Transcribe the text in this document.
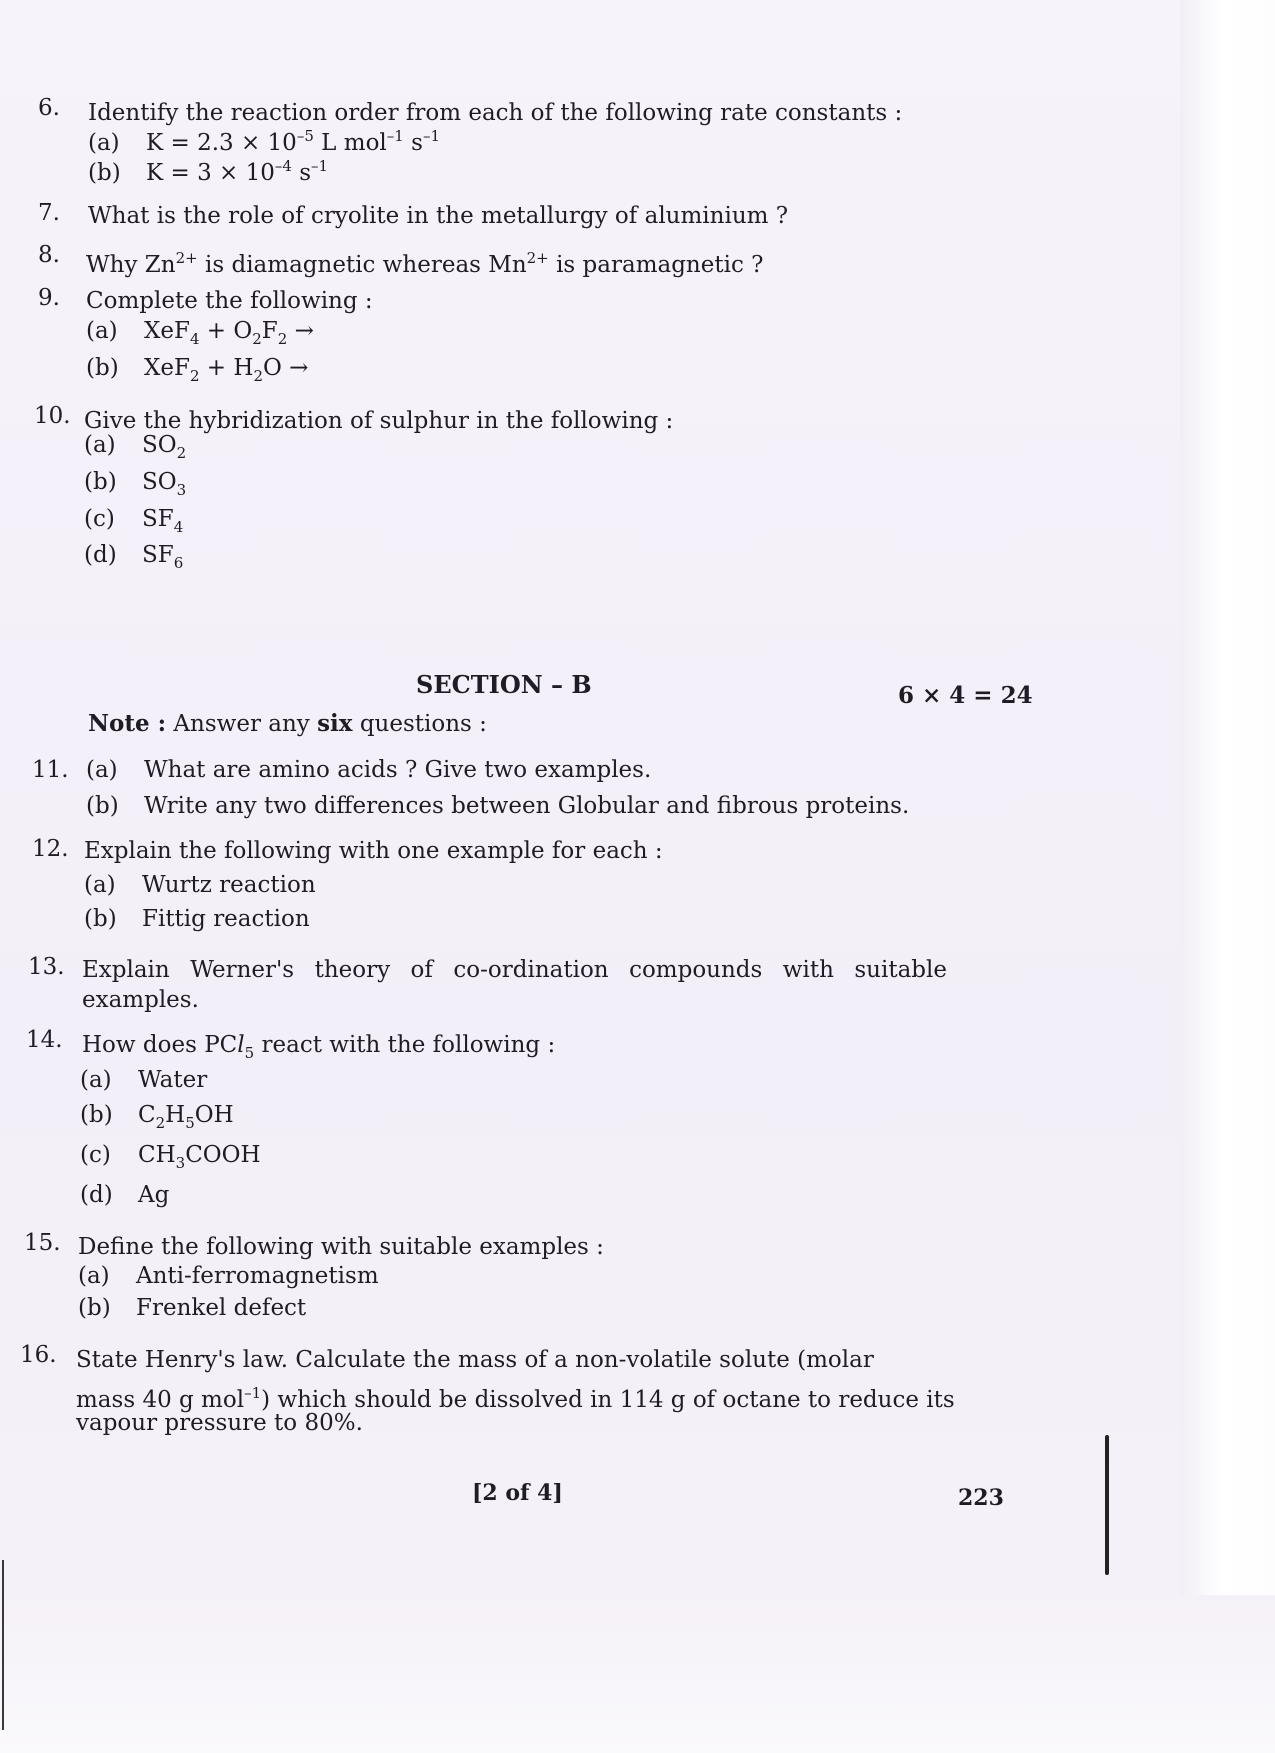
6. Identify the reaction order from each of the following rate constants :
(a) $K = 2.3 \times 10^{-5}$ L mol$^{-1}$ $s^{-1}$
(b) $K = 3 \times 10^{-4}$ $s^{-1}$
7. What is the role of cryolite in the metallurgy of aluminium ?
8. Why $Zn^{2+}$ is diamagnetic whereas $Mn^{2+}$ is paramagnetic ?
9. Complete the following :
(a) $XeF_4 + O_2F_2$ →
(b) $XeF_2 + H_2O$ →
10. Give the hybridization of sulphur in the following :
(a) $SO_2$
(b) $SO_3$
(c) $SF_4$
(d) $SF_6$
SECTION – B	6 × 4 = 24
Note : Answer any six questions :
11. (a) What are amino acids ? Give two examples.
(b) Write any two differences between Globular and fibrous proteins.
12. Explain the following with one example for each :
(a) Wurtz reaction
(b) Fittig reaction
13. Explain Werner's theory of co-ordination compounds with suitable examples.
14. How does PCl$_5$ react with the following :
(a) Water
(b) $C_2H_5OH$
(c) $CH_3COOH$
(d) Ag
15. Define the following with suitable examples :
(a) Anti-ferromagnetism
(b) Frenkel defect
16. State Henry's law. Calculate the mass of a non-volatile solute (molar
mass 40 g mol$^{-1}$) which should be dissolved in 114 g of octane to reduce its
vapour pressure to 80%.
[2 of 4]	223
